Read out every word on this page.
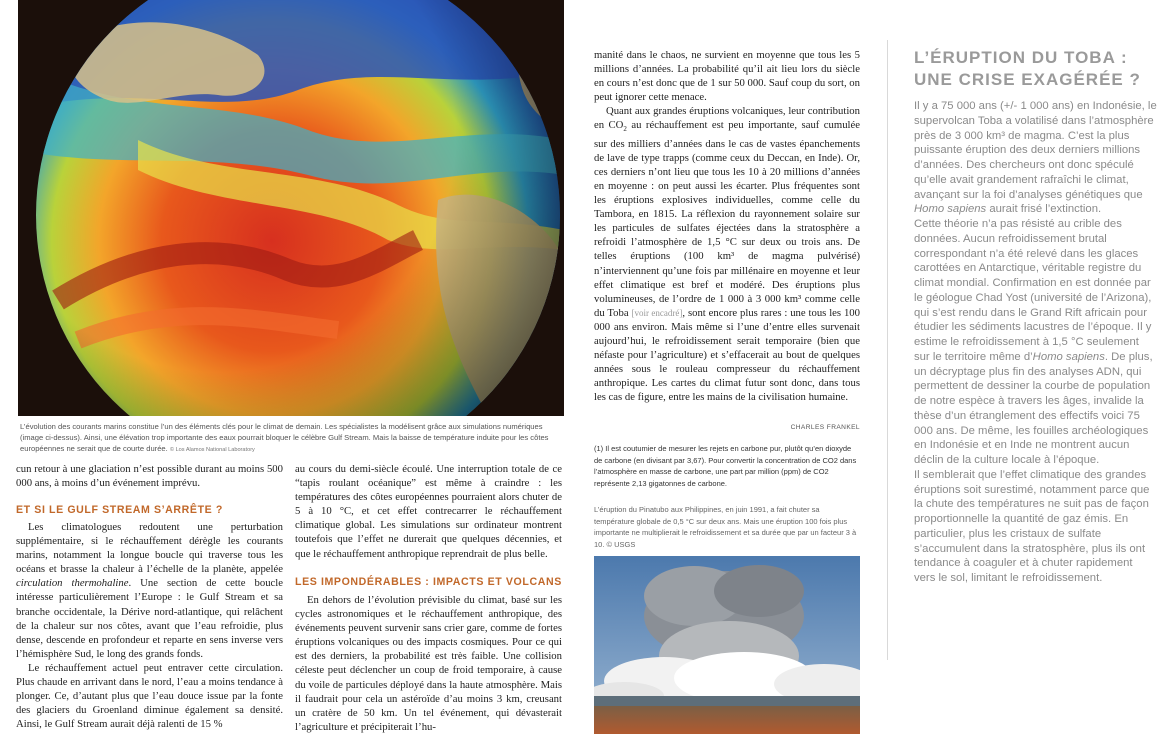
L’évolution des courants marins constitue l’un des éléments clés pour le climat de demain. Les spécialistes la modélisent grâce aux simulations numériques (image ci-dessus). Ainsi, une élévation trop importante des eaux pourrait bloquer le célèbre Gulf Stream. Mais la baisse de température induite pour les côtes européennes ne serait que de courte durée. © Los Alamos National Laboratory

cun retour à une glaciation n’est possible durant au moins 500 000 ans, à moins d’un événement imprévu.

ET SI LE GULF STREAM S’ARRÊTE ?

Les climatologues redoutent une perturbation supplémentaire, si le réchauffement dérègle les courants marins, notamment la longue boucle qui traverse tous les océans et brasse la chaleur à l’échelle de la planète, appelée circulation thermohaline. Une section de cette boucle intéresse particulièrement l’Europe : le Gulf Stream et sa branche occidentale, la Dérive nord-atlantique, qui relâchent de la chaleur sur nos côtes, avant que l’eau refroidie, plus dense, descende en profondeur et reparte en sens inverse vers l’hémisphère Sud, le long des grands fonds.

Le réchauffement actuel peut entraver cette circulation. Plus chaude en arrivant dans le nord, l’eau a moins tendance à plonger. Ce, d’autant plus que l’eau douce issue par la fonte des glaciers du Groenland diminue également sa densité. Ainsi, le Gulf Stream aurait déjà ralenti de 15 %

au cours du demi-siècle écoulé. Une interruption totale de ce “tapis roulant océanique” est même à craindre : les températures des côtes européennes pourraient alors chuter de 5 à 10 °C, et cet effet contrecarrer le réchauffement climatique global. Les simulations sur ordinateur montrent toutefois que l’effet ne durerait que quelques décennies, et que le réchauffement anthropique reprendrait de plus belle.

LES IMPONDÉRABLES : IMPACTS ET VOLCANS

En dehors de l’évolution prévisible du climat, basé sur les cycles astronomiques et le réchauffement anthropique, des événements peuvent survenir sans crier gare, comme de fortes éruptions volcaniques ou des impacts cosmiques. Pour ce qui est des derniers, la probabilité est très faible. Une collision céleste peut déclencher un coup de froid temporaire, à cause du voile de particules déployé dans la haute atmosphère. Mais il faudrait pour cela un astéroïde d’au moins 3 km, creusant un cratère de 50 km. Un tel événement, qui dévasterait l’agriculture et précipiterait l’hu-

manité dans le chaos, ne survient en moyenne que tous les 5 millions d’années. La probabilité qu’il ait lieu lors du siècle en cours n’est donc que de 1 sur 50 000. Sauf coup du sort, on peut ignorer cette menace.

Quant aux grandes éruptions volcaniques, leur contribution en $CO_2$ au réchauffement est peu importante, sauf cumulée sur des milliers d’années dans le cas de vastes épanchements de lave de type trapps (comme ceux du Deccan, en Inde). Or, ces derniers n’ont lieu que tous les 10 à 20 millions d’années en moyenne : on peut aussi les écarter. Plus fréquentes sont les éruptions explosives individuelles, comme celle du Tambora, en 1815. La réflexion du rayonnement solaire sur les particules de sulfates éjectées dans la stratosphère a refroidi l’atmosphère de 1,5 °C sur deux ou trois ans. De telles éruptions (100 km³ de magma pulvérisé) n’interviennent qu’une fois par millénaire en moyenne et leur effet climatique est bref et modéré. Des éruptions plus volumineuses, de l’ordre de 1 000 à 3 000 km³ comme celle du Toba [voir encadré], sont encore plus rares : une tous les 100 000 ans environ. Mais même si l’une d’entre elles survenait aujourd’hui, le refroidissement serait temporaire (bien que néfaste pour l’agriculture) et s’effacerait au bout de quelques années sous le rouleau compresseur du réchauffement anthropique. Les cartes du climat futur sont donc, dans tous les cas de figure, entre les mains de la civilisation humaine.

CHARLES FRANKEL
(1) Il est coutumier de mesurer les rejets en carbone pur, plutôt qu’en dioxyde de carbone (en divisant par 3,67). Pour convertir la concentration de CO2 dans l’atmosphère en masse de carbone, une part par million (ppm) de CO2 représente 2,13 gigatonnes de carbone.
L’éruption du Pinatubo aux Philippines, en juin 1991, a fait chuter sa température globale de 0,5 °C sur deux ans. Mais une éruption 100 fois plus importante ne multiplierait le refroidissement et sa durée que par un facteur 3 à 10. © USGS
L’ÉRUPTION DU TOBA :
UNE CRISE EXAGÉRÉE ?

Il y a 75 000 ans (+/- 1 000 ans) en Indonésie, le supervolcan Toba a volatilisé dans l’atmosphère près de 3 000 km³ de magma. C’est la plus puissante éruption des deux derniers millions d’années. Des chercheurs ont donc spéculé qu’elle avait grandement rafraîchi le climat, avançant sur la foi d’analyses génétiques que Homo sapiens aurait frisé l’extinction.

Cette théorie n’a pas résisté au crible des données. Aucun refroidissement brutal correspondant n’a été relevé dans les glaces carottées en Antarctique, véritable registre du climat mondial. Confirmation en est donnée par le géologue Chad Yost (université de l’Arizona), qui s’est rendu dans le Grand Rift africain pour étudier les sédiments lacustres de l’époque. Il y estime le refroidissement à 1,5 °C seulement sur le territoire même d’Homo sapiens. De plus, un décryptage plus fin des analyses ADN, qui permettent de dessiner la courbe de population de notre espèce à travers les âges, invalide la thèse d’un étranglement des effectifs voici 75 000 ans. De même, les fouilles archéologiques en Indonésie et en Inde ne montrent aucun déclin de la culture locale à l’époque.

Il semblerait que l’effet climatique des grandes éruptions soit surestimé, notamment parce que la chute des températures ne suit pas de façon proportionnelle la quantité de gaz émis. En particulier, plus les cristaux de sulfate s’accumulent dans la stratosphère, plus ils ont tendance à coaguler et à chuter rapidement vers le sol, limitant le refroidissement.
